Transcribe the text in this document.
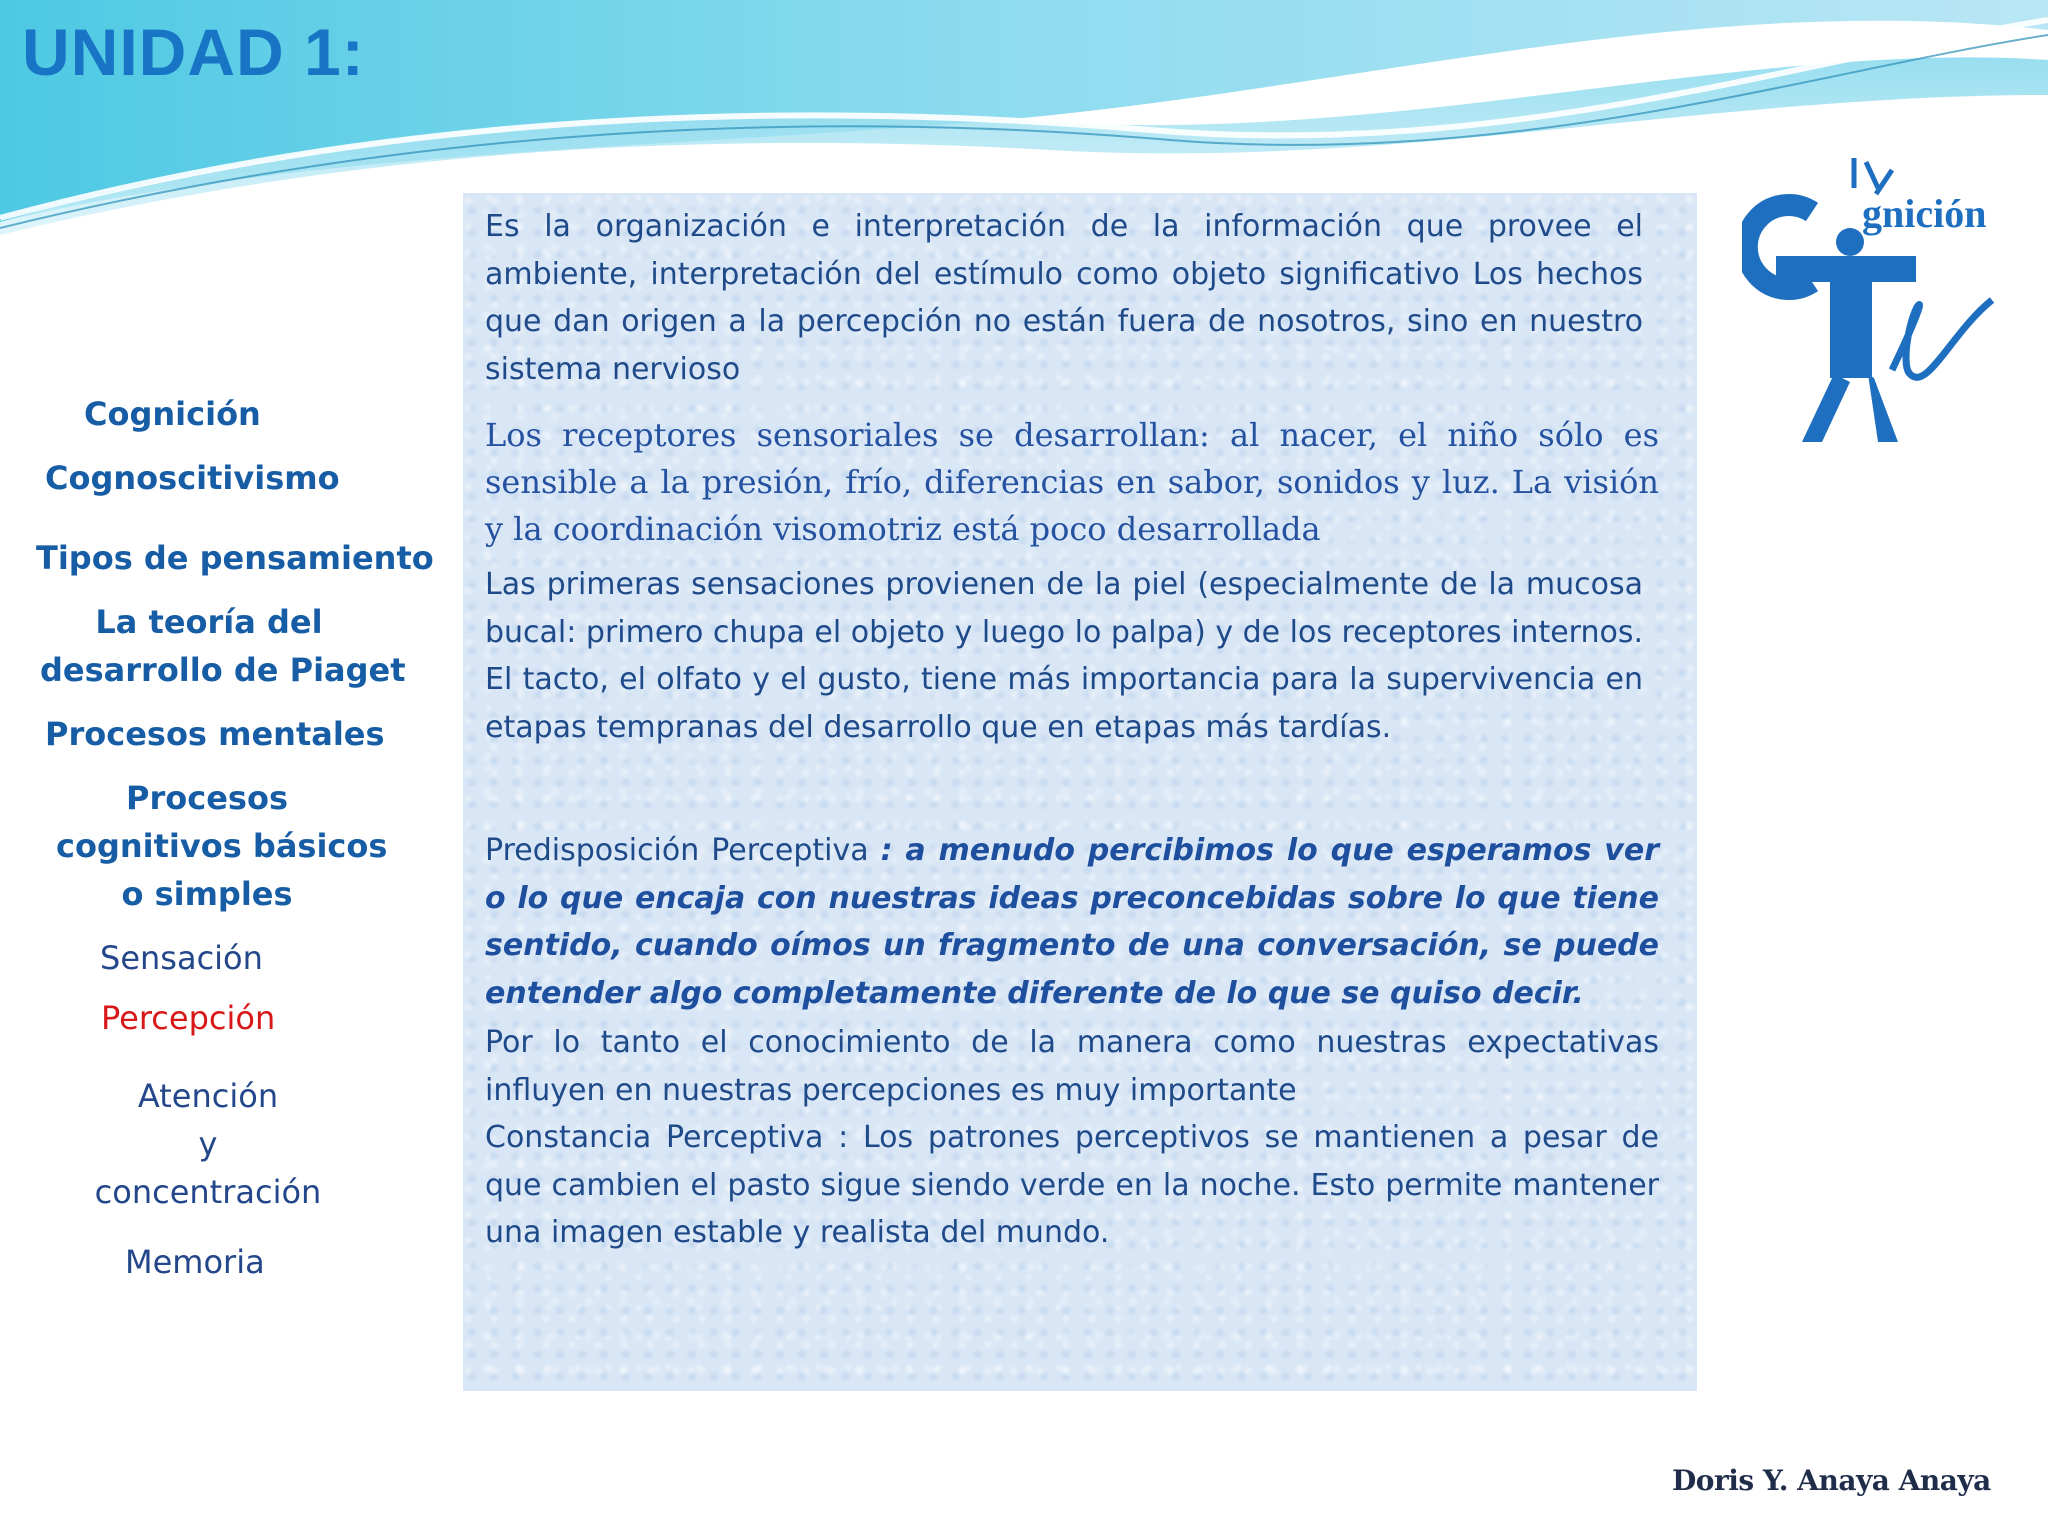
UNIDAD 1:
gnición
Cognición
Cognoscitivismo
Tipos de pensamiento
La teoría del
desarrollo de Piaget
Procesos mentales
Procesos
cognitivos básicos
o simples
Sensación
Percepción
Atención
y
concentración
Memoria

Es la organización e interpretación de la información que provee el ambiente, interpretación del estímulo como objeto significativo Los hechos que dan origen a la percepción no están fuera de nosotros, sino en nuestro sistema nervioso

Los receptores sensoriales se desarrollan: al nacer, el niño sólo es sensible a la presión, frío, diferencias en sabor, sonidos y luz. La visión y la coordinación visomotriz está poco desarrollada

Las primeras sensaciones provienen de la piel (especialmente de la mucosa bucal: primero chupa el objeto y luego lo palpa) y de los receptores internos. El tacto, el olfato y el gusto, tiene más importancia para la supervivencia en etapas tempranas del desarrollo que en etapas más tardías.

Predisposición Perceptiva : a menudo percibimos lo que esperamos ver o lo que encaja con nuestras ideas preconcebidas sobre lo que tiene sentido, cuando oímos un fragmento de una conversación, se puede entender algo completamente diferente de lo que se quiso decir.

Por lo tanto el conocimiento de la manera como nuestras expectativas influyen en nuestras percepciones es muy importante

Constancia Perceptiva : Los patrones perceptivos se mantienen a pesar de que cambien el pasto sigue siendo verde en la noche. Esto permite mantener una imagen estable y realista del mundo.

Doris Y. Anaya Anaya
